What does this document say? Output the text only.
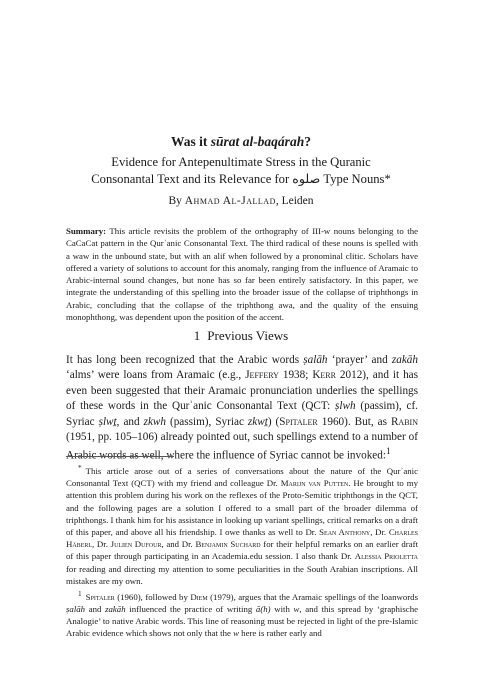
Was it sūrat al-baqárah?
Evidence for Antepenultimate Stress in the Quranic
Consonantal Text and its Relevance for صلوه Type Nouns*
By Ahmad Al-Jallad, Leiden
Summary: This article revisits the problem of the orthography of III-w nouns belonging to the CaCaCat pattern in the Qurʾanic Consonantal Text. The third radical of these nouns is spelled with a waw in the unbound state, but with an alif when followed by a pronominal clitic. Scholars have offered a variety of solutions to account for this anomaly, ranging from the influence of Aramaic to Arabic-internal sound changes, but none has so far been entirely satisfactory. In this paper, we integrate the understanding of this spelling into the broader issue of the collapse of triphthongs in Arabic, concluding that the collapse of the triphthong awa, and the quality of the ensuing monophthong, was dependent upon the position of the accent.
1 Previous Views
It has long been recognized that the Arabic words ṣalāh ‘prayer’ and zakāh ‘alms’ were loans from Aramaic (e.g., Jeffery 1938; Kerr 2012), and it has even been suggested that their Aramaic pronunciation underlies the spellings of these words in the Qurʾanic Consonantal Text (QCT: ṣlwh (passim), cf. Syriac ṣlwṯ, and zkwh (passim), Syriac zkwṯ) (Spitaler 1960). But, as Rabin (1951, pp. 105–106) already pointed out, such spellings extend to a number of Arabic words as well, where the influence of Syriac cannot be invoked:$^1$

* This article arose out of a series of conversations about the nature of the Qurʾanic Consonantal Text (QCT) with my friend and colleague Dr. Marijn van Putten. He brought to my attention this problem during his work on the reflexes of the Proto-Semitic triphthongs in the QCT, and the following pages are a solution I offered to a small part of the broader dilemma of triphthongs. I thank him for his assistance in looking up variant spellings, critical remarks on a draft of this paper, and above all his friendship. I owe thanks as well to Dr. Sean Anthony, Dr. Charles Häberl, Dr. Julien Dufour, and Dr. Benjamin Suchard for their helpful remarks on an earlier draft of this paper through participating in an Academia.edu session. I also thank Dr. Alessia Prioletta for reading and directing my attention to some peculiarities in the South Arabian inscriptions. All mistakes are my own.

$^1$ Spitaler (1960), followed by Diem (1979), argues that the Aramaic spellings of the loanwords ṣalāh and zakāh influenced the practice of writing ā(h) with w, and this spread by ‘graphische Analogie’ to native Arabic words. This line of reasoning must be rejected in light of the pre-Islamic Arabic evidence which shows not only that the w here is rather early and
